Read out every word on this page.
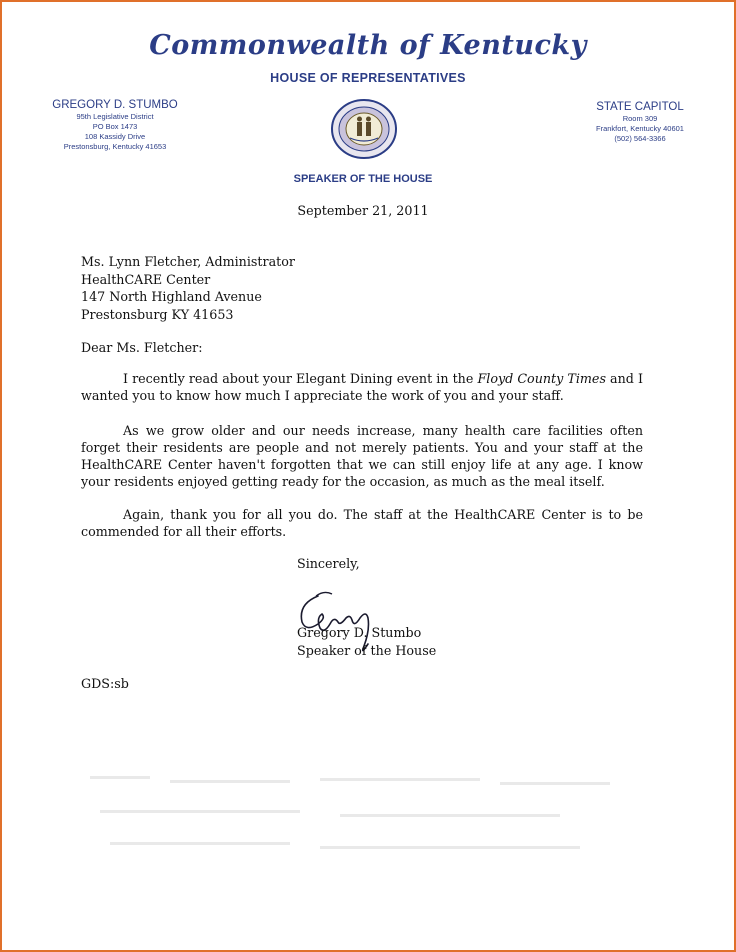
Commonwealth of Kentucky
HOUSE OF REPRESENTATIVES
GREGORY D. STUMBO
95th Legislative District
PO Box 1473
108 Kassidy Drive
Prestonsburg, Kentucky 41653
STATE CAPITOL
Room 309
Frankfort, Kentucky 40601
(502) 564-3366
SPEAKER OF THE HOUSE
September 21, 2011
Ms. Lynn Fletcher, Administrator
HealthCARE Center
147 North Highland Avenue
Prestonsburg KY 41653
Dear Ms. Fletcher:
I recently read about your Elegant Dining event in the Floyd County Times and I wanted you to know how much I appreciate the work of you and your staff.
As we grow older and our needs increase, many health care facilities often forget their residents are people and not merely patients. You and your staff at the HealthCARE Center haven't forgotten that we can still enjoy life at any age. I know your residents enjoyed getting ready for the occasion, as much as the meal itself.
Again, thank you for all you do. The staff at the HealthCARE Center is to be commended for all their efforts.
Sincerely,
Gregory D. Stumbo
Speaker of the House
GDS:sb
